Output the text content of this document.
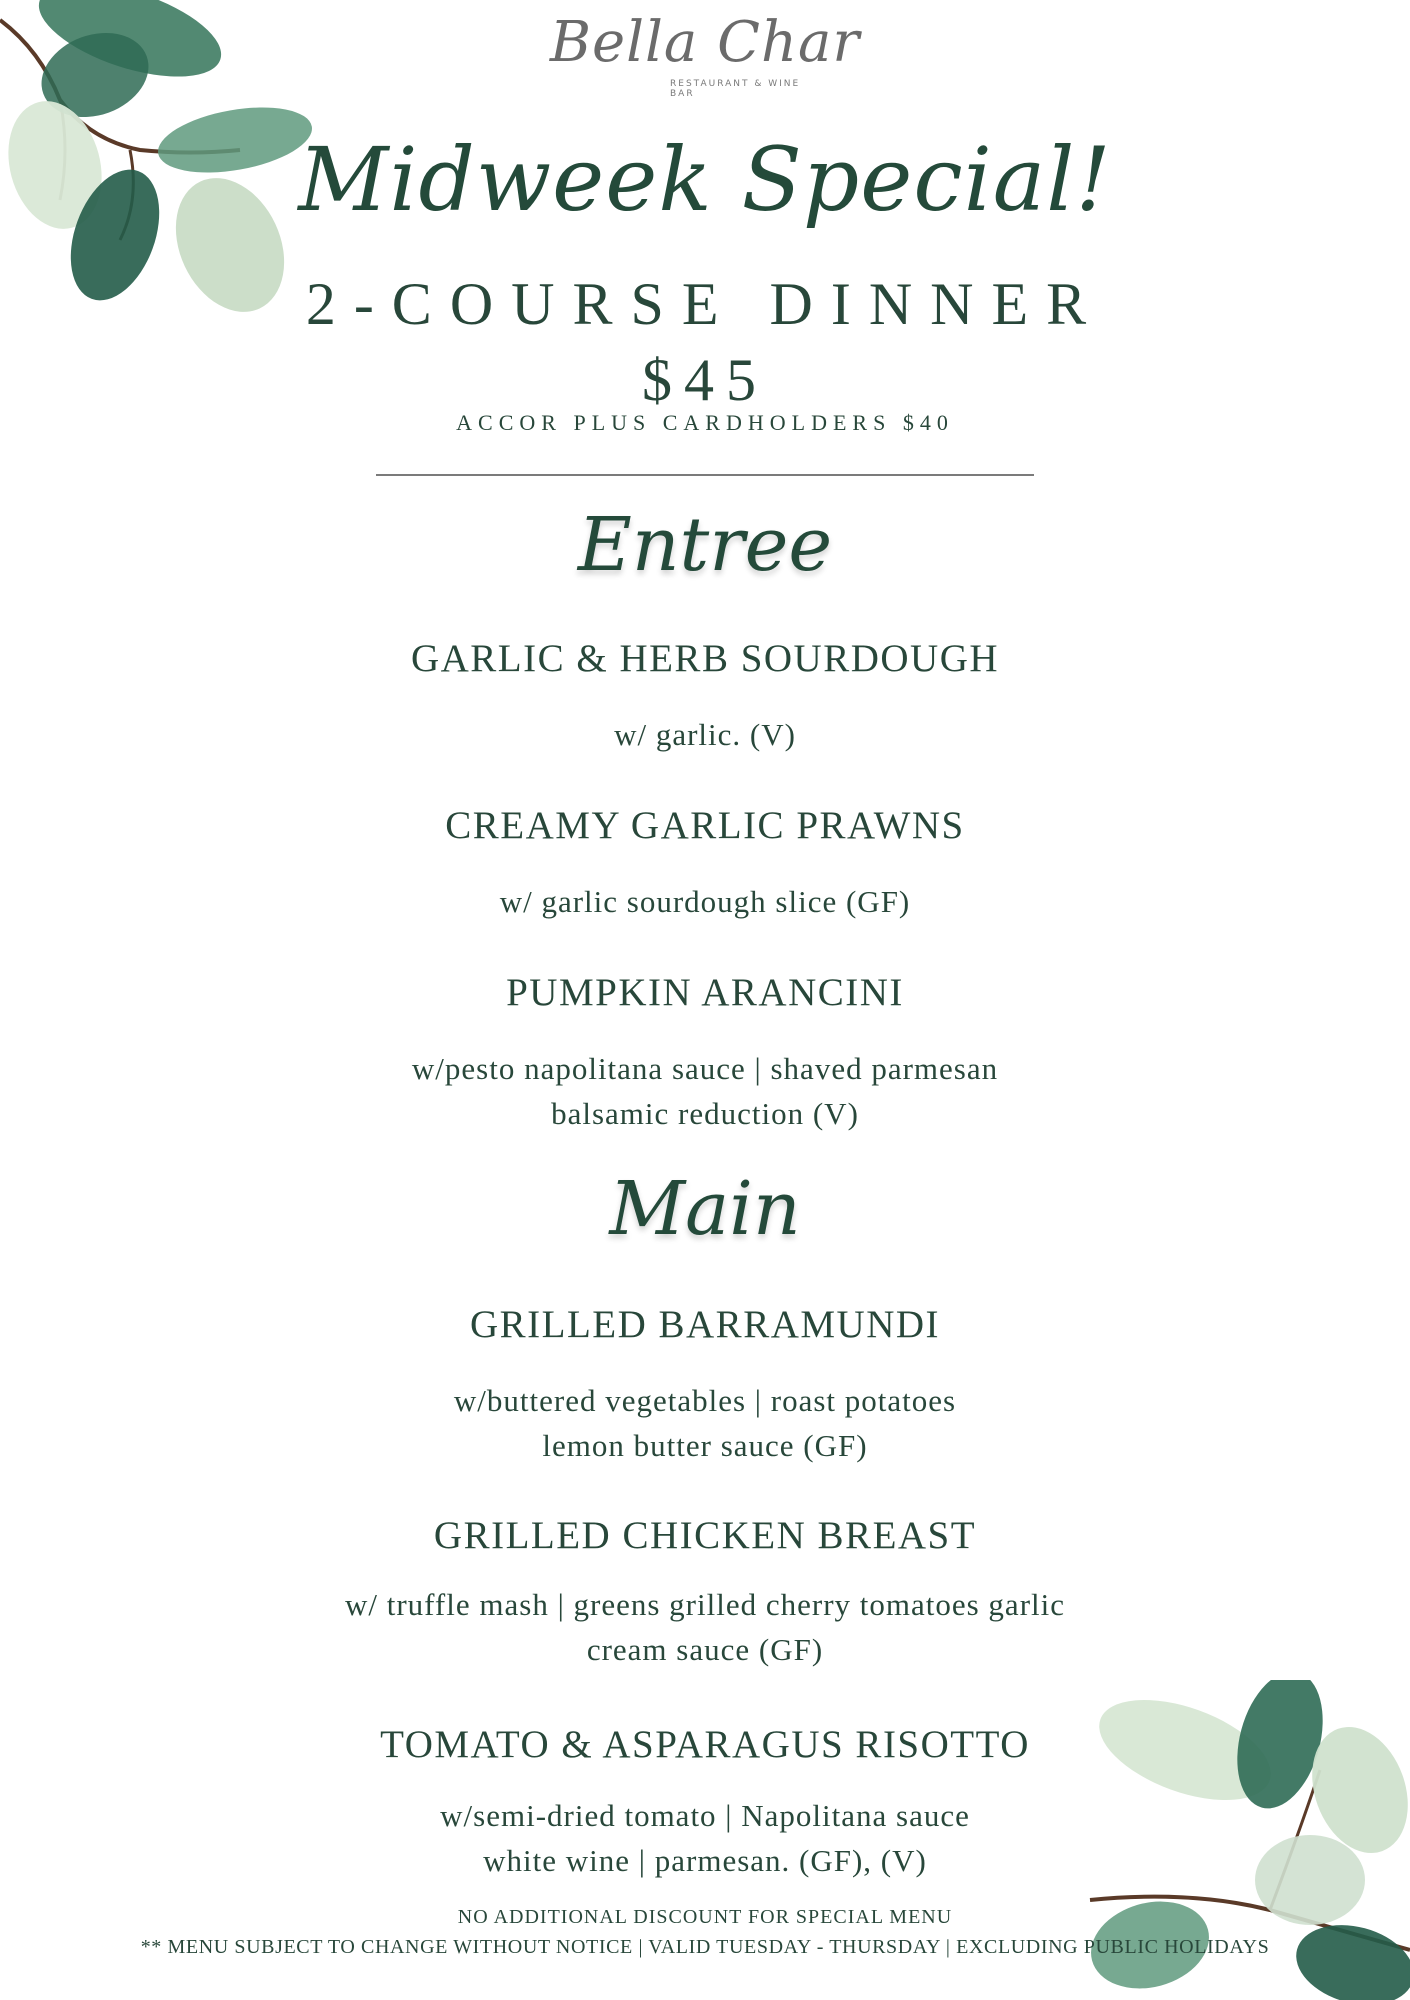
Bella Char
RESTAURANT & WINE BAR
Midweek Special!
2-COURSE DINNER
$45
ACCOR PLUS CARDHOLDERS $40
Entree
GARLIC & HERB SOURDOUGH
w/ garlic. (V)
CREAMY GARLIC PRAWNS
w/ garlic sourdough slice (GF)
PUMPKIN ARANCINI
w/pesto napolitana sauce | shaved parmesan
balsamic reduction (V)
Main
GRILLED BARRAMUNDI
w/buttered vegetables | roast potatoes
lemon butter sauce (GF)
GRILLED CHICKEN BREAST
w/ truffle mash | greens grilled cherry tomatoes garlic
cream sauce (GF)
TOMATO & ASPARAGUS RISOTTO
w/semi-dried tomato | Napolitana sauce
white wine | parmesan. (GF), (V)
NO ADDITIONAL DISCOUNT FOR SPECIAL MENU
** MENU SUBJECT TO CHANGE WITHOUT NOTICE | VALID TUESDAY - THURSDAY | EXCLUDING PUBLIC HOLIDAYS
